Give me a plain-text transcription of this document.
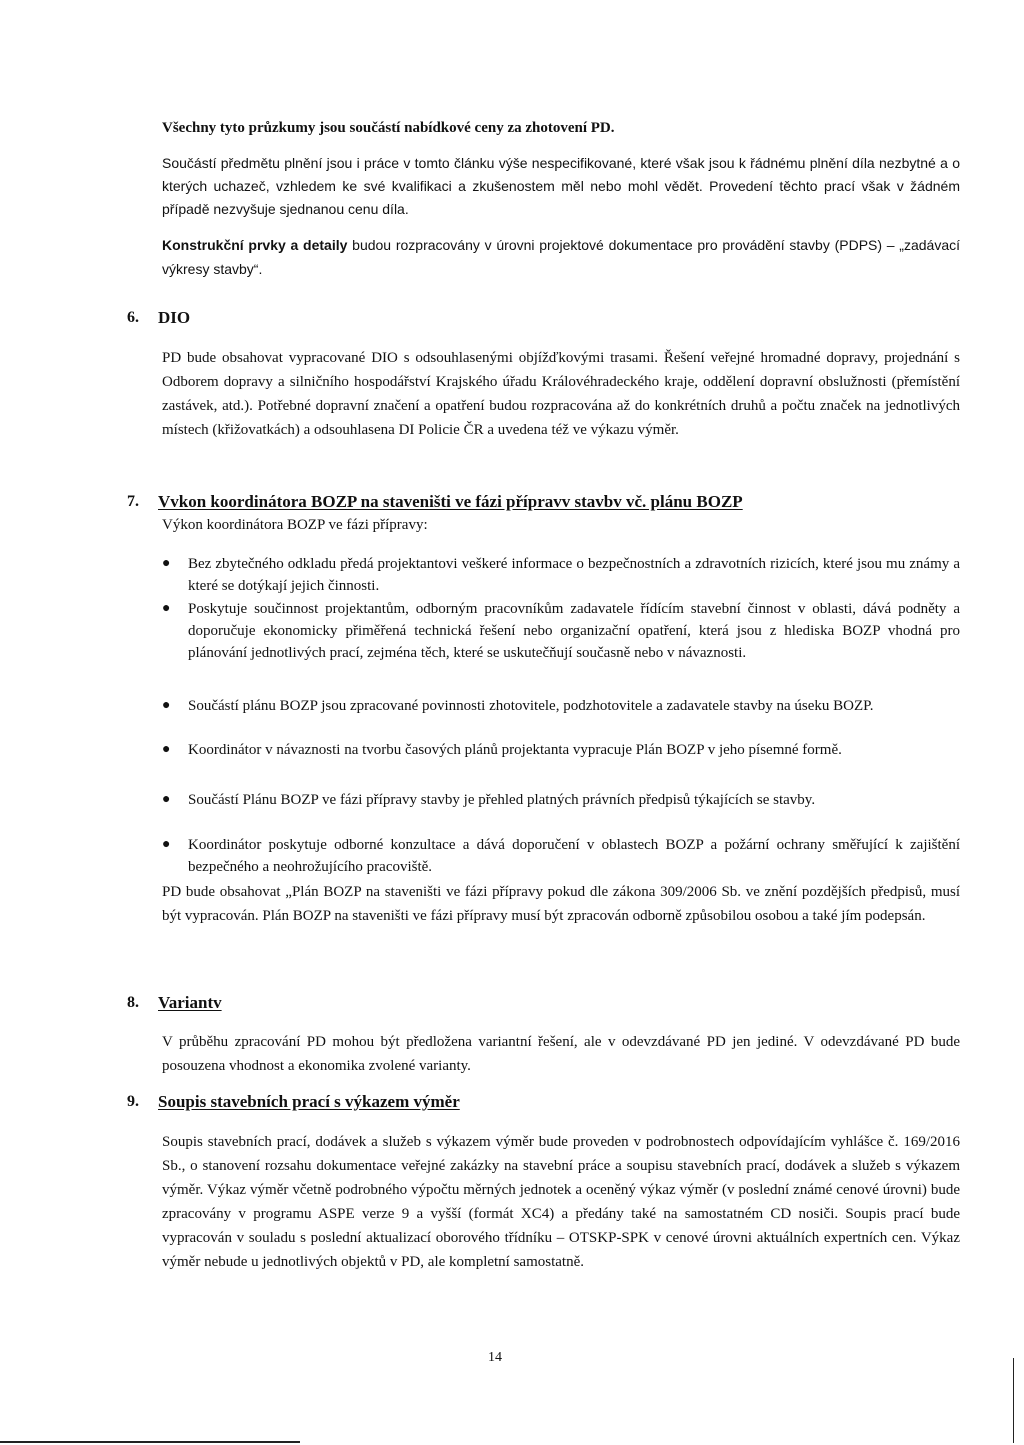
Všechny tyto průzkumy jsou součástí nabídkové ceny za zhotovení PD.

Součástí předmětu plnění jsou i práce v tomto článku výše nespecifikované, které však jsou k řádnému plnění díla nezbytné a o kterých uchazeč, vzhledem ke své kvalifikaci a zkušenostem měl nebo mohl vědět. Provedení těchto prací však v žádném případě nezvyšuje sjednanou cenu díla.

Konstrukční prvky a detaily budou rozpracovány v úrovni projektové dokumentace pro provádění stavby (PDPS) – „zadávací výkresy stavby“.

6. DIO

PD bude obsahovat vypracované DIO s odsouhlasenými objížďkovými trasami. Řešení veřejné hromadné dopravy, projednání s Odborem dopravy a silničního hospodářství Krajského úřadu Královéhradeckého kraje, oddělení dopravní obslužnosti (přemístění zastávek, atd.). Potřebné dopravní značení a opatření budou rozpracována až do konkrétních druhů a počtu značek na jednotlivých místech (křižovatkách) a odsouhlasena DI Policie ČR a uvedena též ve výkazu výměr.

7. Vvkon koordinátora BOZP na staveništi ve fázi přípravv stavbv vč. plánu BOZP

Výkon koordinátora BOZP ve fázi přípravy:

● Bez zbytečného odkladu předá projektantovi veškeré informace o bezpečnostních a zdravotních rizicích, které jsou mu známy a které se dotýkají jejich činnosti.

● Poskytuje součinnost projektantům, odborným pracovníkům zadavatele řídícím stavební činnost v oblasti, dává podněty a doporučuje ekonomicky přiměřená technická řešení nebo organizační opatření, která jsou z hlediska BOZP vhodná pro plánování jednotlivých prací, zejména těch, které se uskutečňují současně nebo v návaznosti.

● Součástí plánu BOZP jsou zpracované povinnosti zhotovitele, podzhotovitele a zadavatele stavby na úseku BOZP.

● Koordinátor v návaznosti na tvorbu časových plánů projektanta vypracuje Plán BOZP v jeho písemné formě.

● Součástí Plánu BOZP ve fázi přípravy stavby je přehled platných právních předpisů týkajících se stavby.

● Koordinátor poskytuje odborné konzultace a dává doporučení v oblastech BOZP a požární ochrany směřující k zajištění bezpečného a neohrožujícího pracoviště.

PD bude obsahovat „Plán BOZP na staveništi ve fázi přípravy pokud dle zákona 309/2006 Sb. ve znění pozdějších předpisů, musí být vypracován. Plán BOZP na staveništi ve fázi přípravy musí být zpracován odborně způsobilou osobou a také jím podepsán.

8. Variantv

V průběhu zpracování PD mohou být předložena variantní řešení, ale v odevzdávané PD jen jediné. V odevzdávané PD bude posouzena vhodnost a ekonomika zvolené varianty.

9. Soupis stavebních prací s výkazem výměr

Soupis stavebních prací, dodávek a služeb s výkazem výměr bude proveden v podrobnostech odpovídajícím vyhlášce č. 169/2016 Sb., o stanovení rozsahu dokumentace veřejné zakázky na stavební práce a soupisu stavebních prací, dodávek a služeb s výkazem výměr. Výkaz výměr včetně podrobného výpočtu měrných jednotek a oceněný výkaz výměr (v poslední známé cenové úrovni) bude zpracovány v programu ASPE verze 9 a vyšší (formát XC4) a předány také na samostatném CD nosiči. Soupis prací bude vypracován v souladu s poslední aktualizací oborového třídníku – OTSKP-SPK v cenové úrovni aktuálních expertních cen. Výkaz výměr nebude u jednotlivých objektů v PD, ale kompletní samostatně.

14
